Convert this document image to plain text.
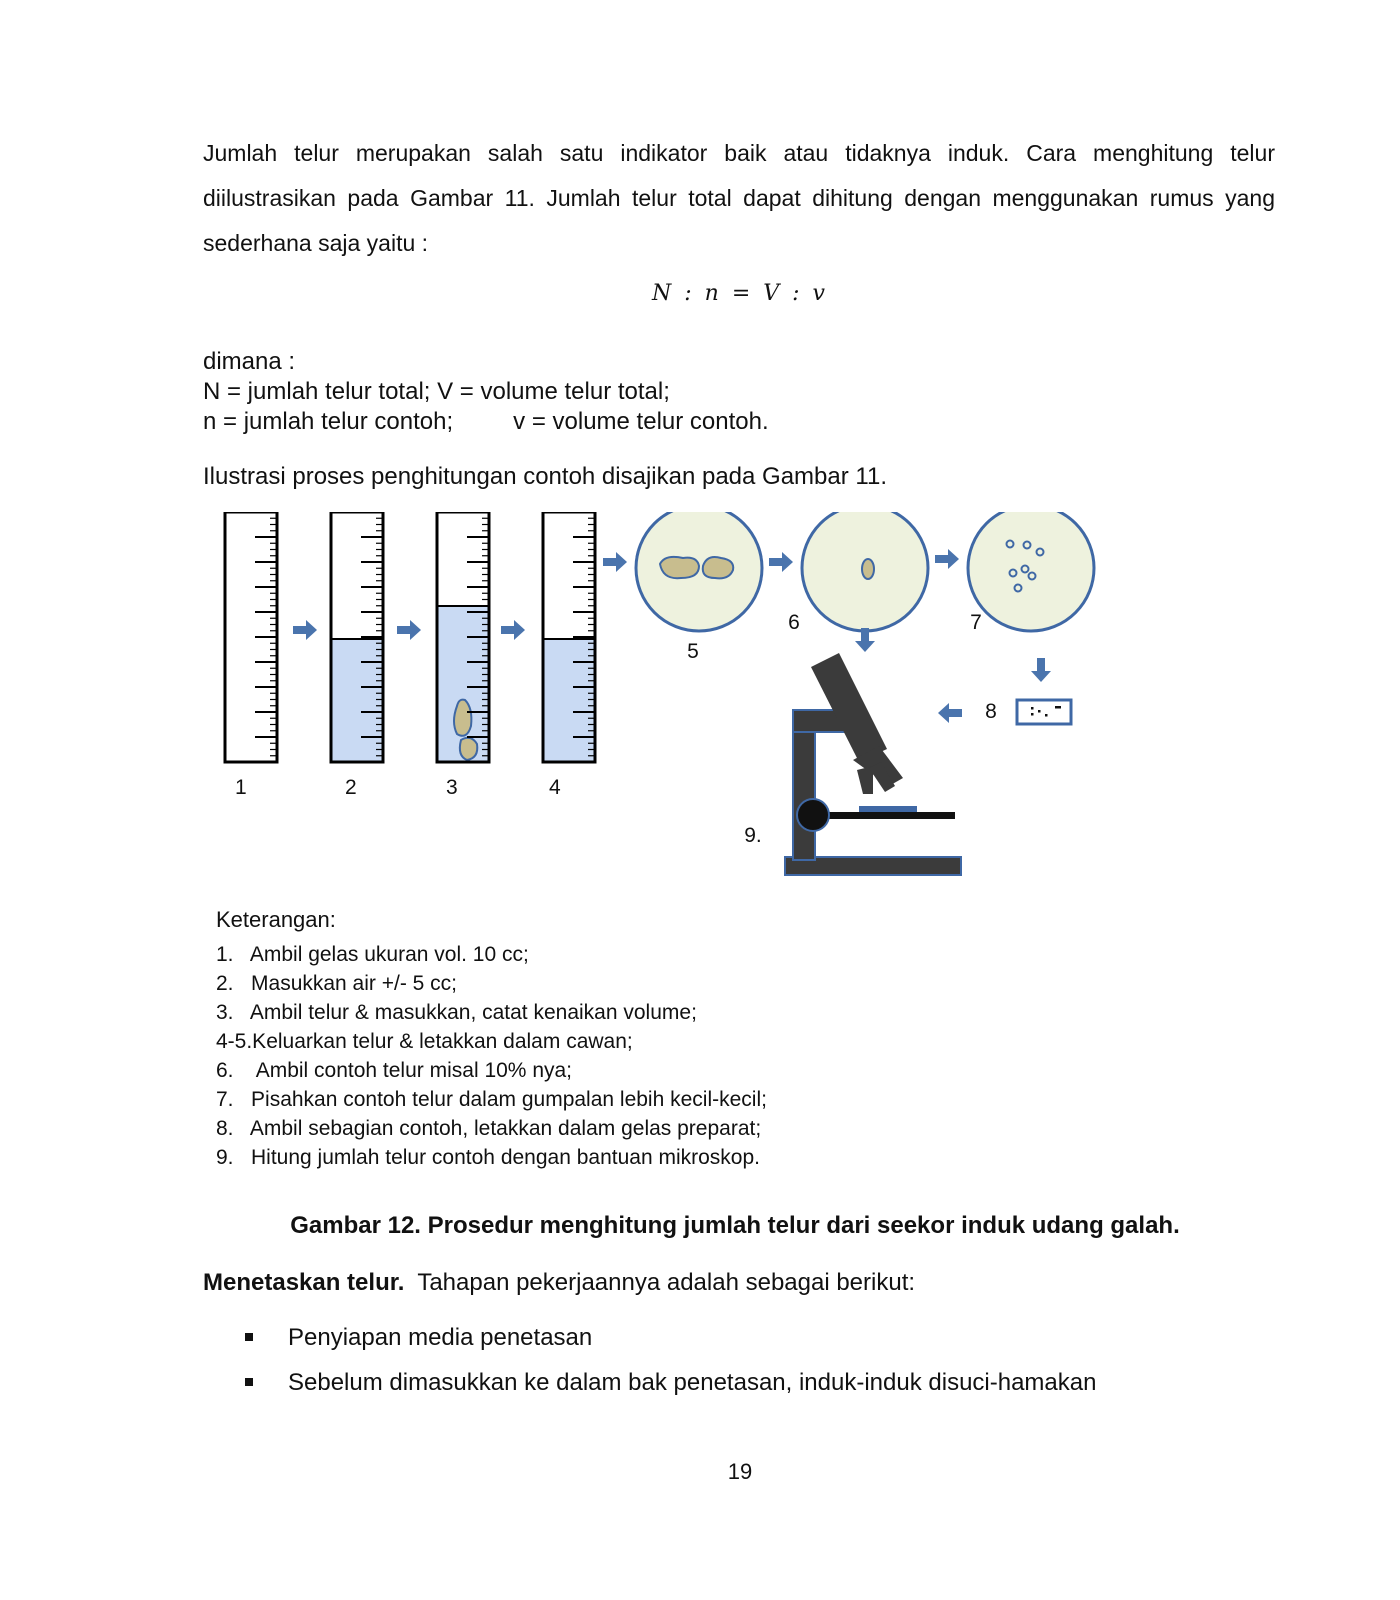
Jumlah telur merupakan salah satu indikator baik atau tidaknya induk. Cara menghitung telur diilustrasikan pada Gambar 11. Jumlah telur total dapat dihitung dengan menggunakan rumus yang sederhana saja yaitu :
N : n = V : v
dimana :
N = jumlah telur total; V = volume telur total;
n = jumlah telur contoh;         v = volume telur contoh.
Ilustrasi proses penghitungan contoh disajikan pada Gambar 11.
1	2	3	4
5
6	7
8
9.
Keterangan:
1.   Ambil gelas ukuran vol. 10 cc;
2.   Masukkan air +/- 5 cc;
3.   Ambil telur & masukkan, catat kenaikan volume;
4-5.Keluarkan telur & letakkan dalam cawan;
6.    Ambil contoh telur misal 10% nya;
7.   Pisahkan contoh telur dalam gumpalan lebih kecil-kecil;
8.   Ambil sebagian contoh, letakkan dalam gelas preparat;
9.   Hitung jumlah telur contoh dengan bantuan mikroskop.
Gambar 12. Prosedur menghitung jumlah telur dari seekor induk udang galah.
Menetaskan telur.  Tahapan pekerjaannya adalah sebagai berikut:
Penyiapan media penetasan
Sebelum dimasukkan ke dalam bak penetasan, induk-induk disuci-hamakan
19
